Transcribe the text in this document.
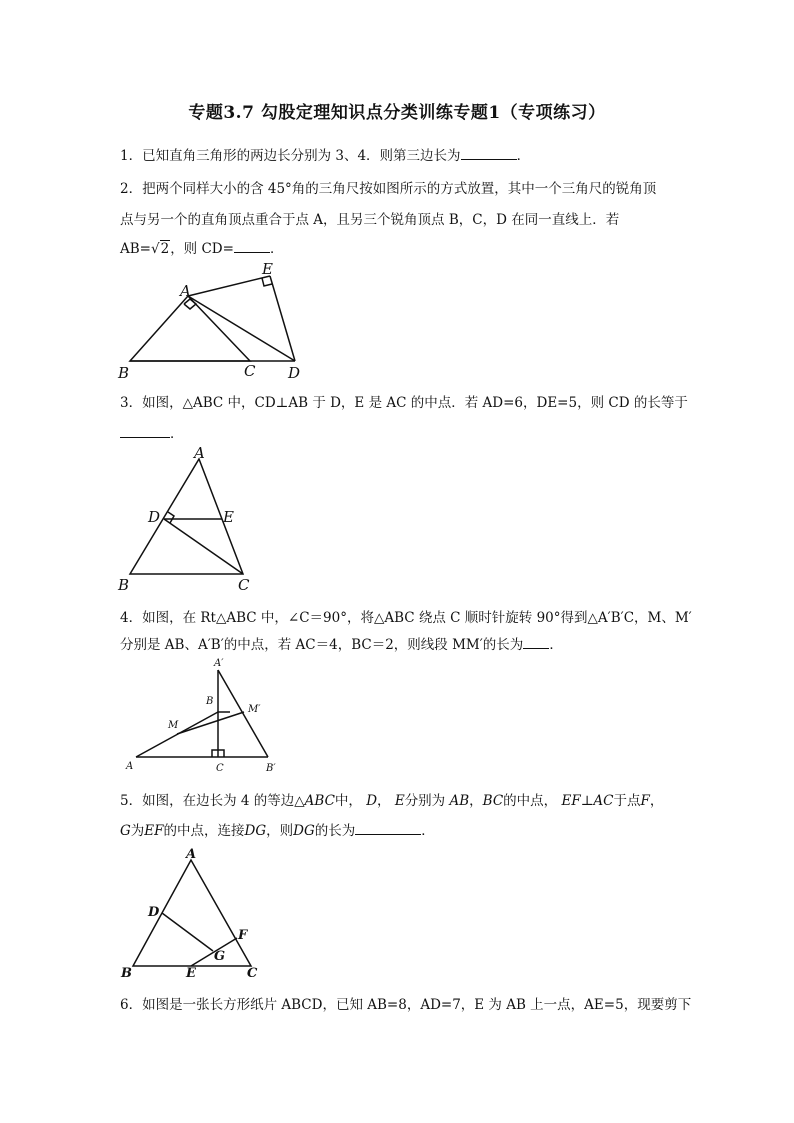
专题3.7 勾股定理知识点分类训练专题1（专项练习）
1．已知直角三角形的两边长分别为 3、4．则第三边长为	．
2．把两个同样大小的含 45°角的三角尺按如图所示的方式放置，其中一个三角尺的锐角顶
点与另一个的直角顶点重合于点 A，且另三个锐角顶点 B，C，D 在同一直线上．若
AB=√2，则 CD=	．
A
E
B	C D
3．如图，△ABC 中，CD⊥AB 于 D，E 是 AC 的中点．若 AD=6，DE=5，则 CD 的长等于
．
A
D	E
B	C
4．如图，在 Rt△ABC 中，∠C＝90°，将△ABC 绕点 C 顺时针旋转 90°得到△A′B′C，M、M′
分别是 AB、A′B′的中点，若 AC＝4，BC＝2，则线段 MM′的长为 ．
A′
B
M
M′
A	C	B′
5．如图，在边长为 4 的等边△ABC中， D， E分别为 AB，BC的中点， EF⊥AC于点F，
G为EF的中点，连接DG，则DG的长为	．
A
D
F
G
B	E	C
6．如图是一张长方形纸片 ABCD，已知 AB=8，AD=7，E 为 AB 上一点，AE=5，现要剪下
